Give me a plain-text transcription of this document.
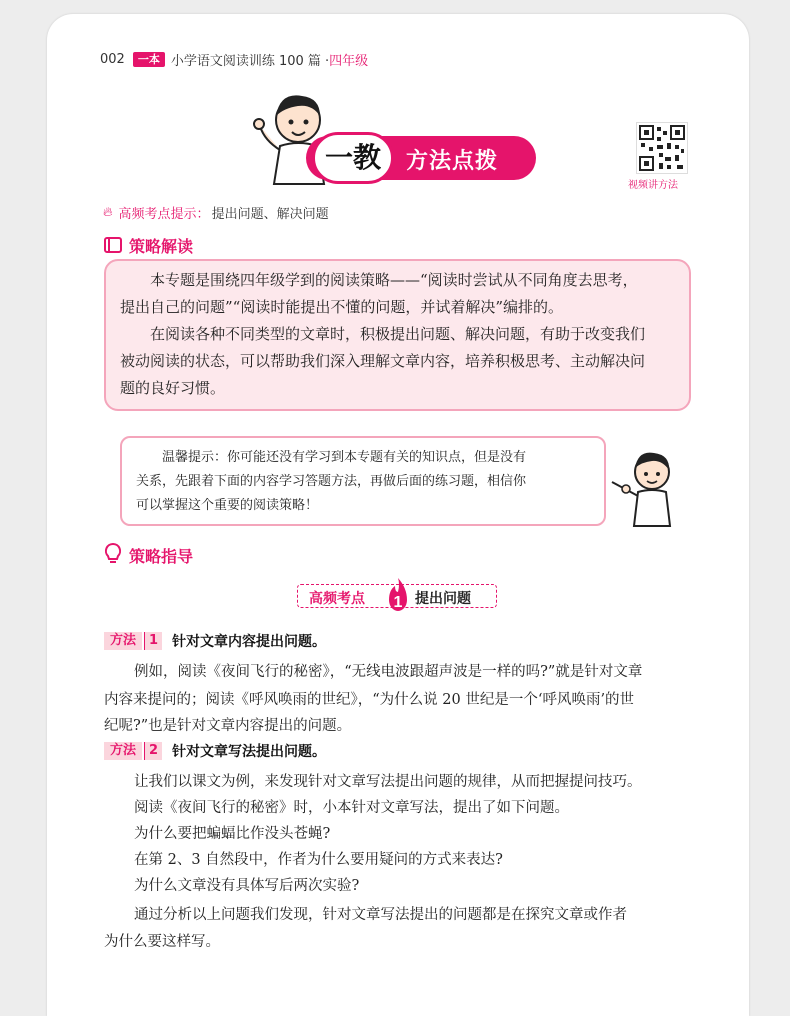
002	一本 小学语文阅读训练 100 篇 · 四年级
一教	方法点拨
视频讲方法
🔥︎ 高频考点提示： 提出问题、解决问题
策略解读

本专题是围绕四年级学到的阅读策略——“阅读时尝试从不同角度去思考，

提出自己的问题”“阅读时能提出不懂的问题，并试着解决”编排的。

在阅读各种不同类型的文章时，积极提出问题、解决问题，有助于改变我们

被动阅读的状态，可以帮助我们深入理解文章内容，培养积极思考、主动解决问

题的良好习惯。

温馨提示：你可能还没有学习到本专题有关的知识点，但是没有
关系，先跟着下面的内容学习答题方法，再做后面的练习题，相信你
可以掌握这个重要的阅读策略！

策略指导
高频考点 1 提出问题
方法	1 针对文章内容提出问题。
例如，阅读《夜间飞行的秘密》，“无线电波跟超声波是一样的吗?”就是针对文章
内容来提问的；阅读《呼风唤雨的世纪》，“为什么说 20 世纪是一个‘呼风唤雨’的世
纪呢?”也是针对文章内容提出的问题。
方法	2 针对文章写法提出问题。
让我们以课文为例，来发现针对文章写法提出问题的规律，从而把握提问技巧。
阅读《夜间飞行的秘密》时，小本针对文章写法，提出了如下问题。
为什么要把蝙蝠比作没头苍蝇?
在第 2、3 自然段中，作者为什么要用疑问的方式来表达?
为什么文章没有具体写后两次实验?
通过分析以上问题我们发现，针对文章写法提出的问题都是在探究文章或作者
为什么要这样写。
